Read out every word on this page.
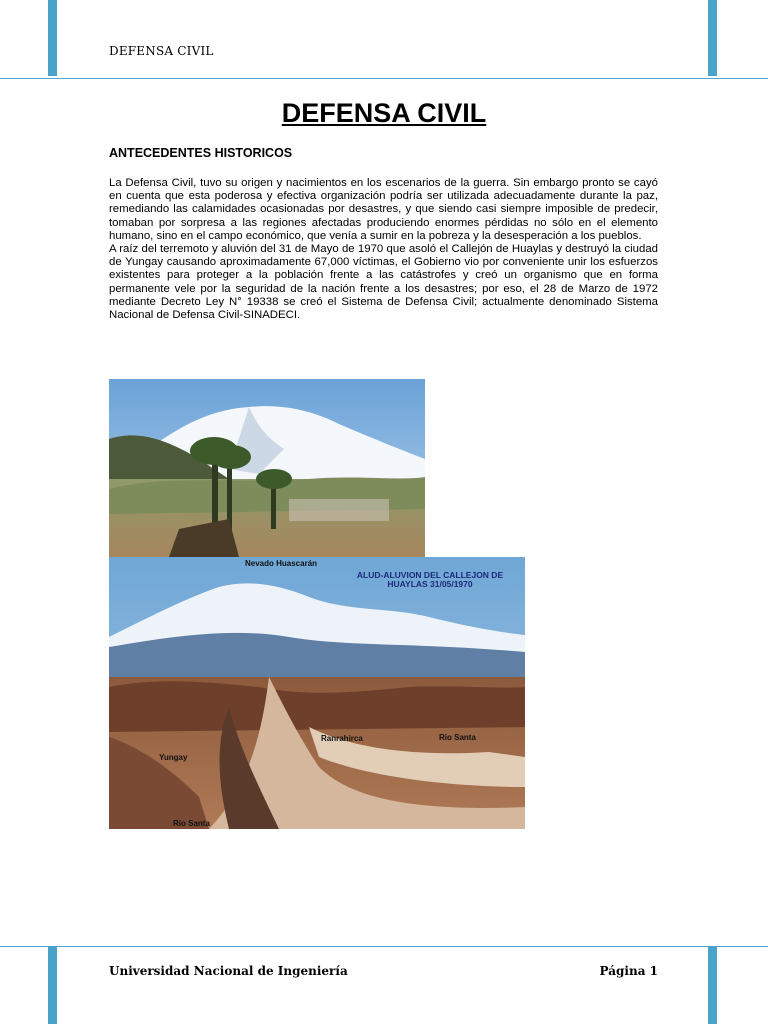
DEFENSA CIVIL
DEFENSA CIVIL
ANTECEDENTES HISTORICOS

La Defensa Civil, tuvo su origen y nacimientos en los escenarios de la guerra. Sin embargo pronto se cayó en cuenta que esta poderosa y efectiva organización podría ser utilizada adecuadamente durante la paz, remediando las calamidades ocasionadas por desastres, y que siendo casi siempre imposible de predecir, tomaban por sorpresa a las regiones afectadas produciendo enormes pérdidas no sólo en el elemento humano, sino en el campo económico, que venía a sumir en la pobreza y la desesperación a los pueblos.

A raíz del terremoto y aluvión del 31 de Mayo de 1970 que asoló el Callejón de Huaylas y destruyó la ciudad de Yungay causando aproximadamente 67,000 víctimas, el Gobierno vio por conveniente unir los esfuerzos existentes para proteger a la población frente a las catástrofes y creó un organismo que en forma permanente vele por la seguridad de la nación frente a los desastres; por eso, el 28 de Marzo de 1972 mediante Decreto Ley N° 19338 se creó el Sistema de Defensa Civil; actualmente denominado Sistema Nacional de Defensa Civil-SINADECI.

Nevado Huascarán
ALUD-ALUVION DEL CALLEJON DE HUAYLAS 31/05/1970
Ranrahirca	Rio Santa
Yungay
Rio Santa
Universidad Nacional de Ingeniería	Página 1
